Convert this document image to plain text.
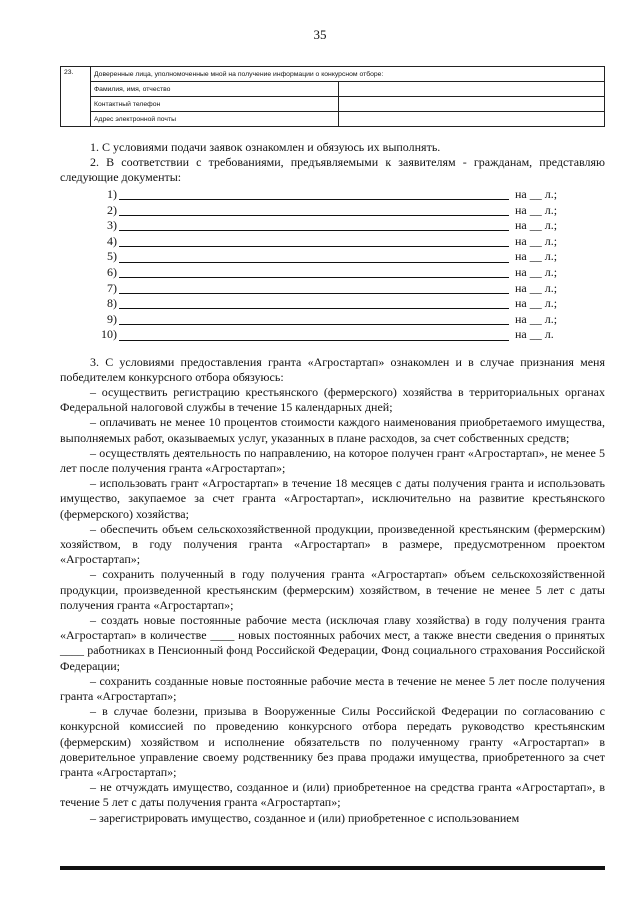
35
23.	Доверенные лица, уполномоченные мной на получение информации о конкурсном отборе:	
	Фамилия, имя, отчество	
	Контактный телефон	
	Адрес электронной почты	

1. С условиями подачи заявок ознакомлен и обязуюсь их выполнять.

2. В соответствии с требованиями, предъявляемыми к заявителям - гражданам, представляю следующие документы:

1)	на __ л.;
2)	на __ л.;
3)	на __ л.;
4)	на __ л.;
5)	на __ л.;
6)	на __ л.;
7)	на __ л.;
8)	на __ л.;
9)	на __ л.;
10)	на __ л.

3. С условиями предоставления гранта «Агростартап» ознакомлен и в случае признания меня победителем конкурсного отбора обязуюсь:

– осуществить регистрацию крестьянского (фермерского) хозяйства в территориальных органах Федеральной налоговой службы в течение 15 календарных дней;

– оплачивать не менее 10 процентов стоимости каждого наименования приобретаемого имущества, выполняемых работ, оказываемых услуг, указанных в плане расходов, за счет собственных средств;

– осуществлять деятельность по направлению, на которое получен грант «Агростартап», не менее 5 лет после получения гранта «Агростартап»;

– использовать грант «Агростартап» в течение 18 месяцев с даты получения гранта и использовать имущество, закупаемое за счет гранта «Агростартап», исключительно на развитие крестьянского (фермерского) хозяйства;

– обеспечить объем сельскохозяйственной продукции, произведенной крестьянским (фермерским) хозяйством, в году получения гранта «Агростартап» в размере, предусмотренном проектом «Агростартап»;

– сохранить полученный в году получения гранта «Агростартап» объем сельскохозяйственной продукции, произведенной крестьянским (фермерским) хозяйством, в течение не менее 5 лет с даты получения гранта «Агростартап»;

– создать новые постоянные рабочие места (исключая главу хозяйства) в году получения гранта «Агростартап» в количестве ____ новых постоянных рабочих мест, а также внести сведения о принятых ____ работниках в Пенсионный фонд Российской Федерации, Фонд социального страхования Российской Федерации;

– сохранить созданные новые постоянные рабочие места в течение не менее 5 лет после получения гранта «Агростартап»;

– в случае болезни, призыва в Вооруженные Силы Российской Федерации по согласованию с конкурсной комиссией по проведению конкурсного отбора передать руководство крестьянским (фермерским) хозяйством и исполнение обязательств по полученному гранту «Агростартап» в доверительное управление своему родственнику без права продажи имущества, приобретенного за счет гранта «Агростартап»;

– не отчуждать имущество, созданное и (или) приобретенное на средства гранта «Агростартап», в течение 5 лет с даты получения гранта «Агростартап»;

– зарегистрировать имущество, созданное и (или) приобретенное с использованием
